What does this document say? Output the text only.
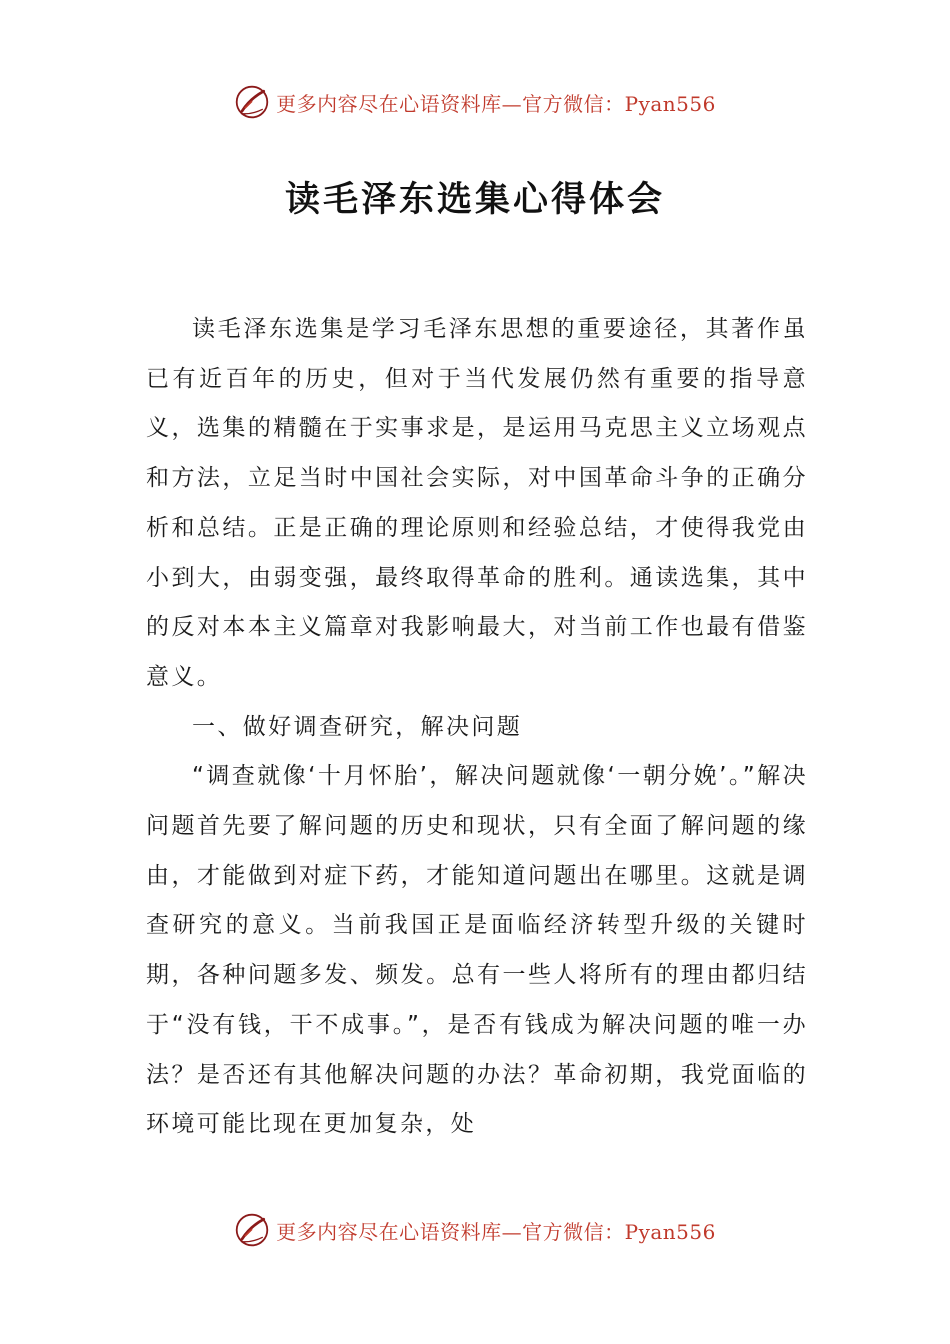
更多内容尽在心语资料库—官方微信：Pyan556
读毛泽东选集心得体会

读毛泽东选集是学习毛泽东思想的重要途径，其著作虽已有近百年的历史，但对于当代发展仍然有重要的指导意义，选集的精髓在于实事求是，是运用马克思主义立场观点和方法，立足当时中国社会实际，对中国革命斗争的正确分析和总结。正是正确的理论原则和经验总结，才使得我党由小到大，由弱变强，最终取得革命的胜利。通读选集，其中的反对本本主义篇章对我影响最大，对当前工作也最有借鉴意义。

一、做好调查研究，解决问题

“调查就像‘十月怀胎’，解决问题就像‘一朝分娩’。”解决问题首先要了解问题的历史和现状，只有全面了解问题的缘由，才能做到对症下药，才能知道问题出在哪里。这就是调查研究的意义。当前我国正是面临经济转型升级的关键时期，各种问题多发、频发。总有一些人将所有的理由都归结于“没有钱，干不成事。”，是否有钱成为解决问题的唯一办法？是否还有其他解决问题的办法？革命初期，我党面临的环境可能比现在更加复杂，处

更多内容尽在心语资料库—官方微信：Pyan556
